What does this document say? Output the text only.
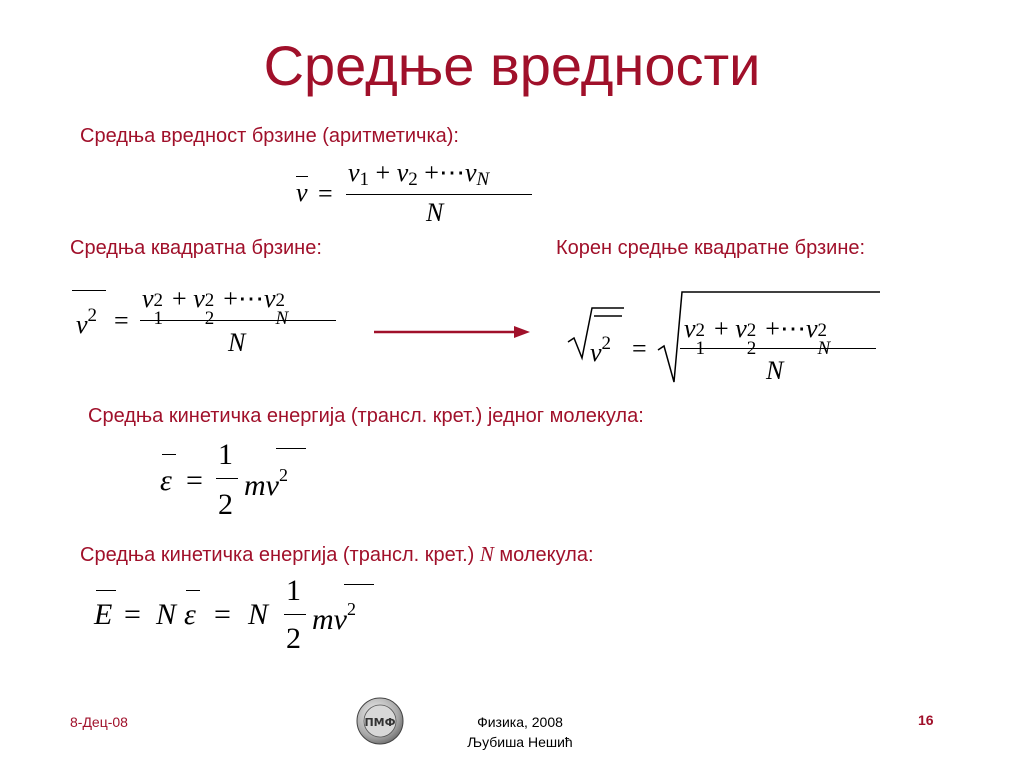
Средње вредности
Средња вредност брзине (аритметичка):
v =
$v_1 + v_2$ $+\cdots v_N$
N
Средња квадратна брзине:
$v^2$ =
v 2
1
+ v 2
2
+⋯v 2
N
N
Корен средње квадратне брзине:
$v^2$ =
v 2
1
+ v 2
2
+⋯v 2
N
N
Средња кинетичка енергија (трансл. крет.) једног молекула:
ε =
1
2
$mv^2$
Средња кинетичка енергија (трансл. крет.) N молекула:
E = N ε = N
1
2
$mv^2$
8-Дец-08	ПМФ	Физика, 2008
Љубиша Нешић
16
